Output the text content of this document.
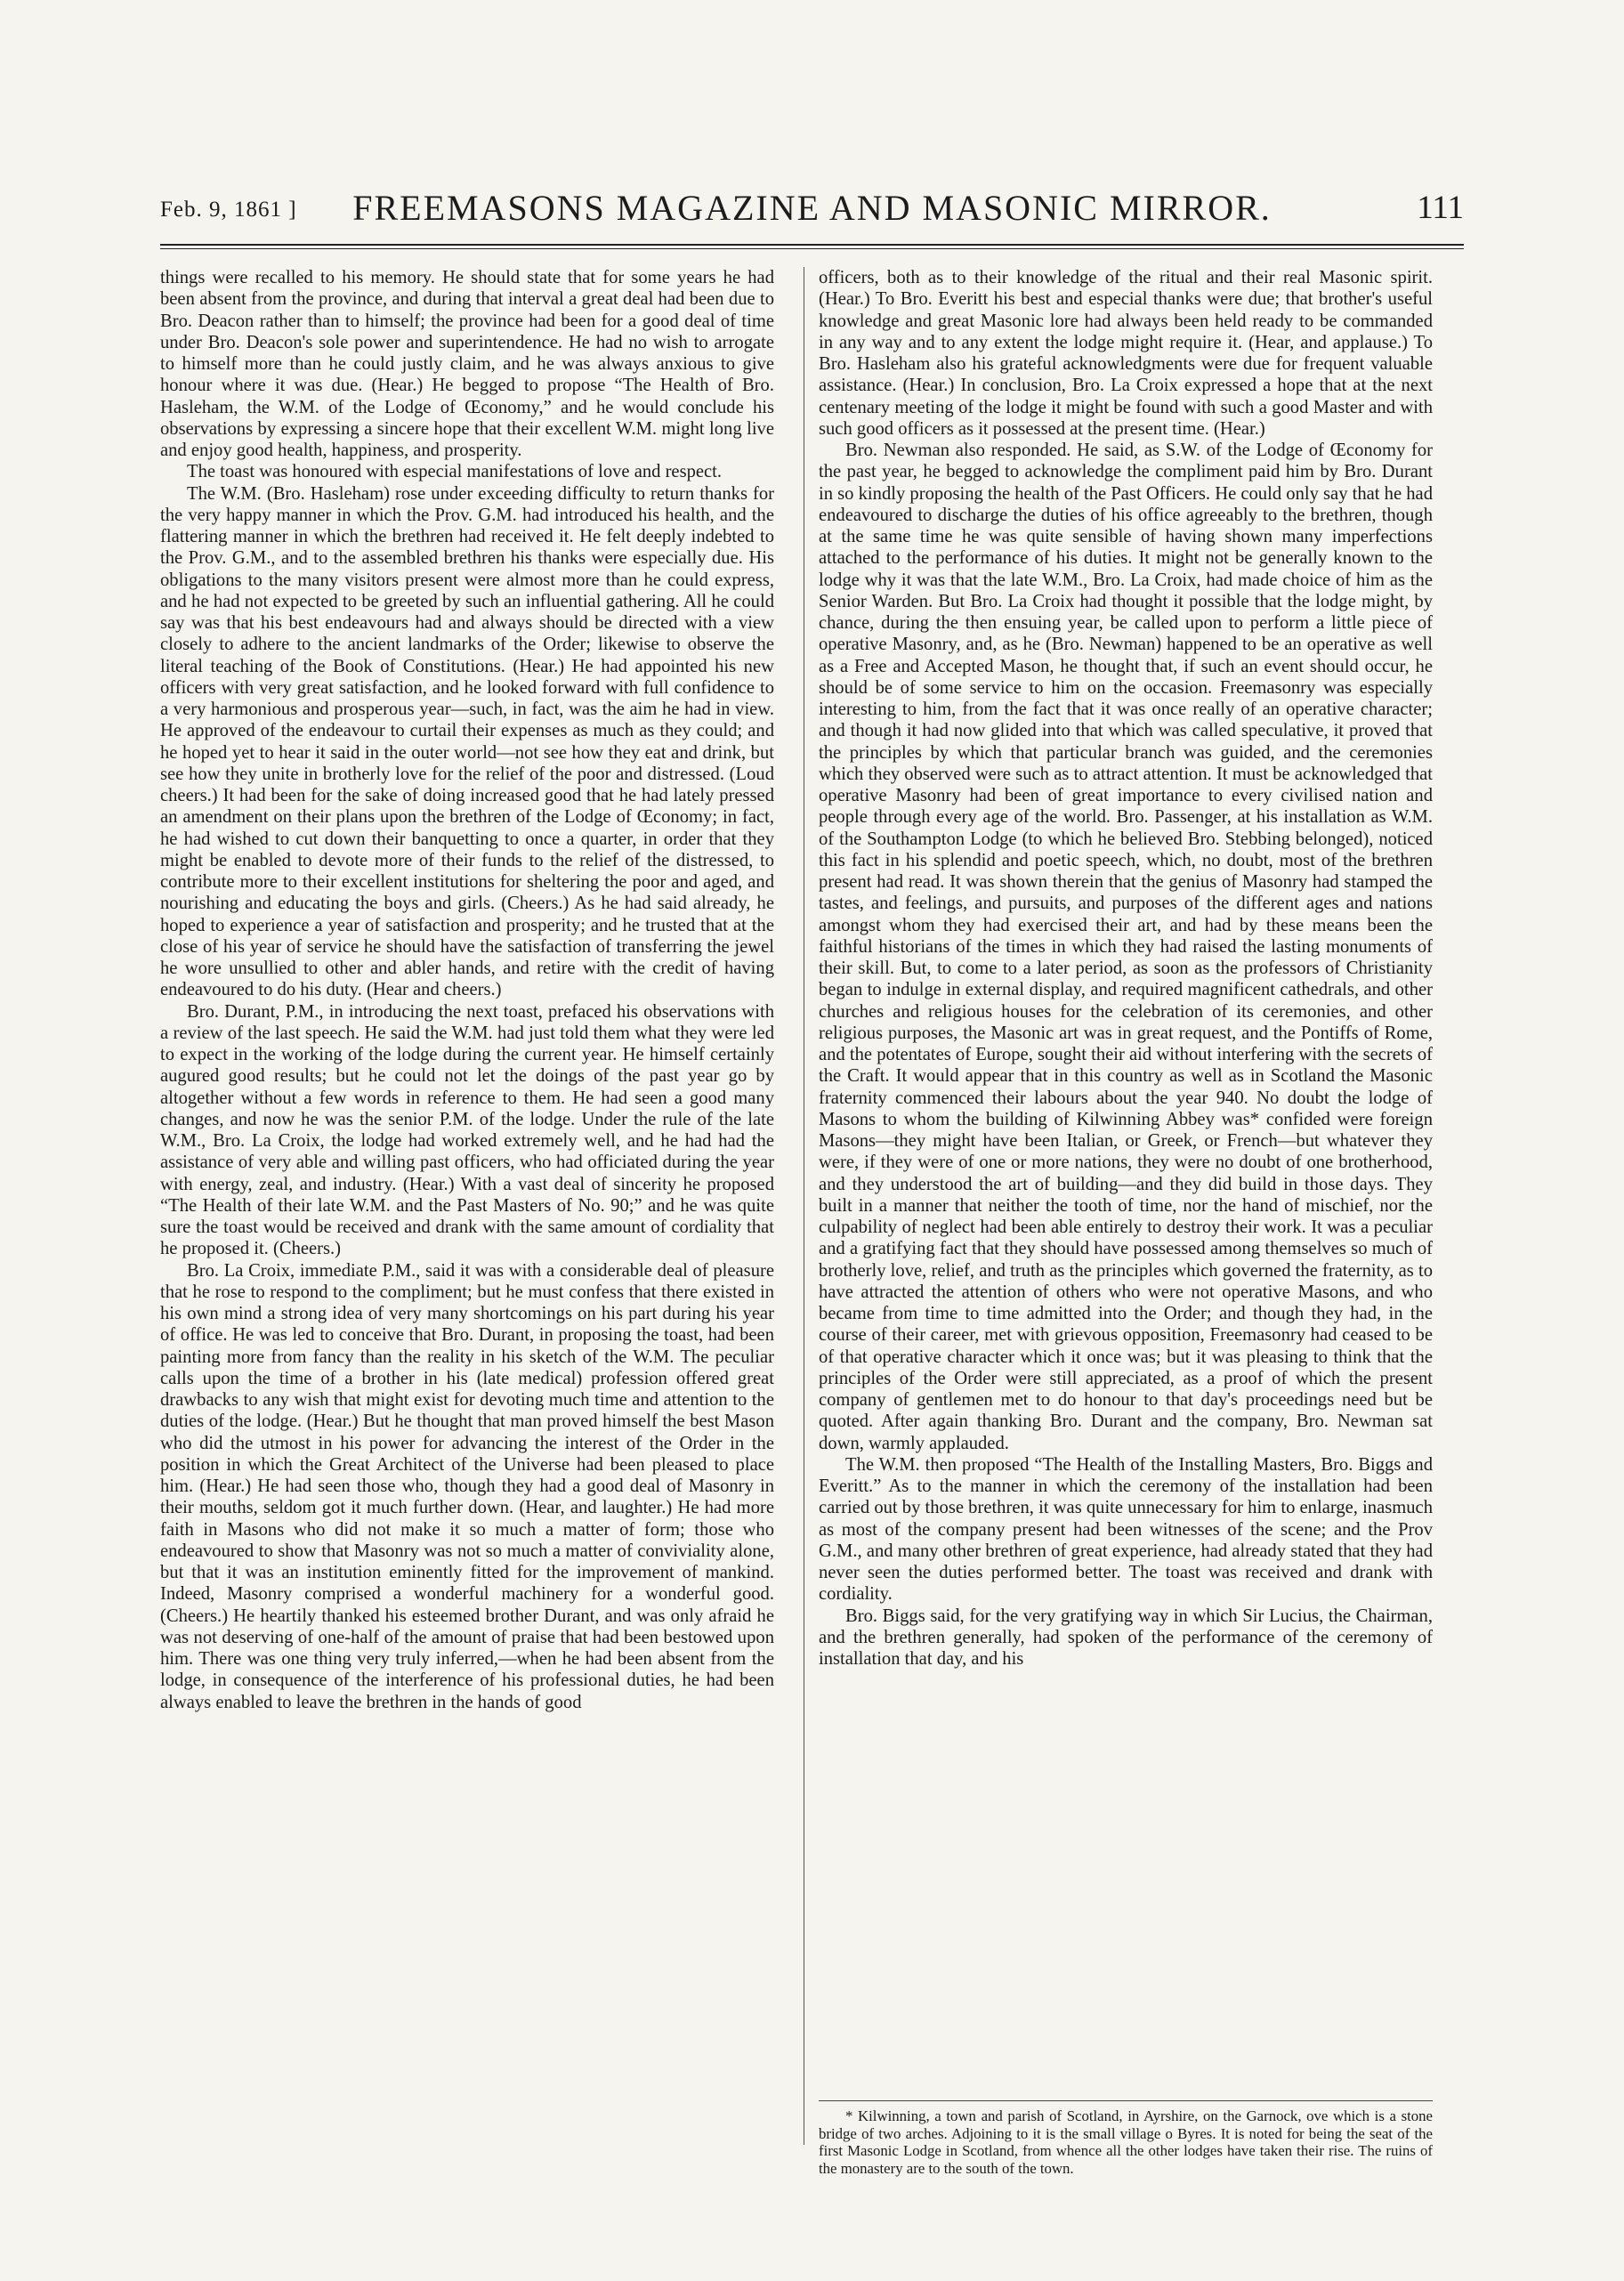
Feb. 9, 1861 ]	FREEMASONS MAGAZINE AND MASONIC MIRROR.	111

things were recalled to his memory. He should state that for some years he had been absent from the province, and during that interval a great deal had been due to Bro. Deacon rather than to himself; the province had been for a good deal of time under Bro. Deacon's sole power and superintendence. He had no wish to arrogate to himself more than he could justly claim, and he was always anxious to give honour where it was due. (Hear.) He begged to propose “The Health of Bro. Hasleham, the W.M. of the Lodge of Œconomy,” and he would conclude his observations by expressing a sincere hope that their excellent W.M. might long live and enjoy good health, happiness, and prosperity.

The toast was honoured with especial manifestations of love and respect.

The W.M. (Bro. Hasleham) rose under exceeding difficulty to return thanks for the very happy manner in which the Prov. G.M. had introduced his health, and the flattering manner in which the brethren had received it. He felt deeply indebted to the Prov. G.M., and to the assembled brethren his thanks were especially due. His obligations to the many visitors present were almost more than he could express, and he had not expected to be greeted by such an influential gathering. All he could say was that his best endeavours had and always should be directed with a view closely to adhere to the ancient landmarks of the Order; likewise to observe the literal teaching of the Book of Constitutions. (Hear.) He had appointed his new officers with very great satisfaction, and he looked forward with full confidence to a very harmonious and prosperous year—such, in fact, was the aim he had in view. He approved of the endeavour to curtail their expenses as much as they could; and he hoped yet to hear it said in the outer world—not see how they eat and drink, but see how they unite in brotherly love for the relief of the poor and distressed. (Loud cheers.) It had been for the sake of doing increased good that he had lately pressed an amendment on their plans upon the brethren of the Lodge of Œconomy; in fact, he had wished to cut down their banquetting to once a quarter, in order that they might be enabled to devote more of their funds to the relief of the distressed, to contribute more to their excellent institutions for sheltering the poor and aged, and nourishing and educating the boys and girls. (Cheers.) As he had said already, he hoped to experience a year of satisfaction and prosperity; and he trusted that at the close of his year of service he should have the satisfaction of transferring the jewel he wore unsullied to other and abler hands, and retire with the credit of having endeavoured to do his duty. (Hear and cheers.)

Bro. Durant, P.M., in introducing the next toast, prefaced his observations with a review of the last speech. He said the W.M. had just told them what they were led to expect in the working of the lodge during the current year. He himself certainly augured good results; but he could not let the doings of the past year go by altogether without a few words in reference to them. He had seen a good many changes, and now he was the senior P.M. of the lodge. Under the rule of the late W.M., Bro. La Croix, the lodge had worked extremely well, and he had had the assistance of very able and willing past officers, who had officiated during the year with energy, zeal, and industry. (Hear.) With a vast deal of sincerity he proposed “The Health of their late W.M. and the Past Masters of No. 90;” and he was quite sure the toast would be received and drank with the same amount of cordiality that he proposed it. (Cheers.)

Bro. La Croix, immediate P.M., said it was with a considerable deal of pleasure that he rose to respond to the compliment; but he must confess that there existed in his own mind a strong idea of very many shortcomings on his part during his year of office. He was led to conceive that Bro. Durant, in proposing the toast, had been painting more from fancy than the reality in his sketch of the W.M. The peculiar calls upon the time of a brother in his (late medical) profession offered great drawbacks to any wish that might exist for devoting much time and attention to the duties of the lodge. (Hear.) But he thought that man proved himself the best Mason who did the utmost in his power for advancing the interest of the Order in the position in which the Great Architect of the Universe had been pleased to place him. (Hear.) He had seen those who, though they had a good deal of Masonry in their mouths, seldom got it much further down. (Hear, and laughter.) He had more faith in Masons who did not make it so much a matter of form; those who endeavoured to show that Masonry was not so much a matter of conviviality alone, but that it was an institution eminently fitted for the improvement of mankind. Indeed, Masonry comprised a wonderful machinery for a wonderful good. (Cheers.) He heartily thanked his esteemed brother Durant, and was only afraid he was not deserving of one-half of the amount of praise that had been bestowed upon him. There was one thing very truly inferred,—when he had been absent from the lodge, in consequence of the interference of his professional duties, he had been always enabled to leave the brethren in the hands of good

officers, both as to their knowledge of the ritual and their real Masonic spirit. (Hear.) To Bro. Everitt his best and especial thanks were due; that brother's useful knowledge and great Masonic lore had always been held ready to be commanded in any way and to any extent the lodge might require it. (Hear, and applause.) To Bro. Hasleham also his grateful acknowledgments were due for frequent valuable assistance. (Hear.) In conclusion, Bro. La Croix expressed a hope that at the next centenary meeting of the lodge it might be found with such a good Master and with such good officers as it possessed at the present time. (Hear.)

Bro. Newman also responded. He said, as S.W. of the Lodge of Œconomy for the past year, he begged to acknowledge the compliment paid him by Bro. Durant in so kindly proposing the health of the Past Officers. He could only say that he had endeavoured to discharge the duties of his office agreeably to the brethren, though at the same time he was quite sensible of having shown many imperfections attached to the performance of his duties. It might not be generally known to the lodge why it was that the late W.M., Bro. La Croix, had made choice of him as the Senior Warden. But Bro. La Croix had thought it possible that the lodge might, by chance, during the then ensuing year, be called upon to perform a little piece of operative Masonry, and, as he (Bro. Newman) happened to be an operative as well as a Free and Accepted Mason, he thought that, if such an event should occur, he should be of some service to him on the occasion. Freemasonry was especially interesting to him, from the fact that it was once really of an operative character; and though it had now glided into that which was called speculative, it proved that the principles by which that particular branch was guided, and the ceremonies which they observed were such as to attract attention. It must be acknowledged that operative Masonry had been of great importance to every civilised nation and people through every age of the world. Bro. Passenger, at his installation as W.M. of the Southampton Lodge (to which he believed Bro. Stebbing belonged), noticed this fact in his splendid and poetic speech, which, no doubt, most of the brethren present had read. It was shown therein that the genius of Masonry had stamped the tastes, and feelings, and pursuits, and purposes of the different ages and nations amongst whom they had exercised their art, and had by these means been the faithful historians of the times in which they had raised the lasting monuments of their skill. But, to come to a later period, as soon as the professors of Christianity began to indulge in external display, and required magnificent cathedrals, and other churches and religious houses for the celebration of its ceremonies, and other religious purposes, the Masonic art was in great request, and the Pontiffs of Rome, and the potentates of Europe, sought their aid without interfering with the secrets of the Craft. It would appear that in this country as well as in Scotland the Masonic fraternity commenced their labours about the year 940. No doubt the lodge of Masons to whom the building of Kilwinning Abbey was* confided were foreign Masons—they might have been Italian, or Greek, or French—but whatever they were, if they were of one or more nations, they were no doubt of one brotherhood, and they understood the art of building—and they did build in those days. They built in a manner that neither the tooth of time, nor the hand of mischief, nor the culpability of neglect had been able entirely to destroy their work. It was a peculiar and a gratifying fact that they should have possessed among themselves so much of brotherly love, relief, and truth as the principles which governed the fraternity, as to have attracted the attention of others who were not operative Masons, and who became from time to time admitted into the Order; and though they had, in the course of their career, met with grievous opposition, Freemasonry had ceased to be of that operative character which it once was; but it was pleasing to think that the principles of the Order were still appreciated, as a proof of which the present company of gentlemen met to do honour to that day's proceedings need but be quoted. After again thanking Bro. Durant and the company, Bro. Newman sat down, warmly applauded.

The W.M. then proposed “The Health of the Installing Masters, Bro. Biggs and Everitt.” As to the manner in which the ceremony of the installation had been carried out by those brethren, it was quite unnecessary for him to enlarge, inasmuch as most of the company present had been witnesses of the scene; and the Prov G.M., and many other brethren of great experience, had already stated that they had never seen the duties performed better. The toast was received and drank with cordiality.

Bro. Biggs said, for the very gratifying way in which Sir Lucius, the Chairman, and the brethren generally, had spoken of the performance of the ceremony of installation that day, and his

* Kilwinning, a town and parish of Scotland, in Ayrshire, on the Garnock, ove which is a stone bridge of two arches. Adjoining to it is the small village o Byres. It is noted for being the seat of the first Masonic Lodge in Scotland, from whence all the other lodges have taken their rise. The ruins of the monastery are to the south of the town.
